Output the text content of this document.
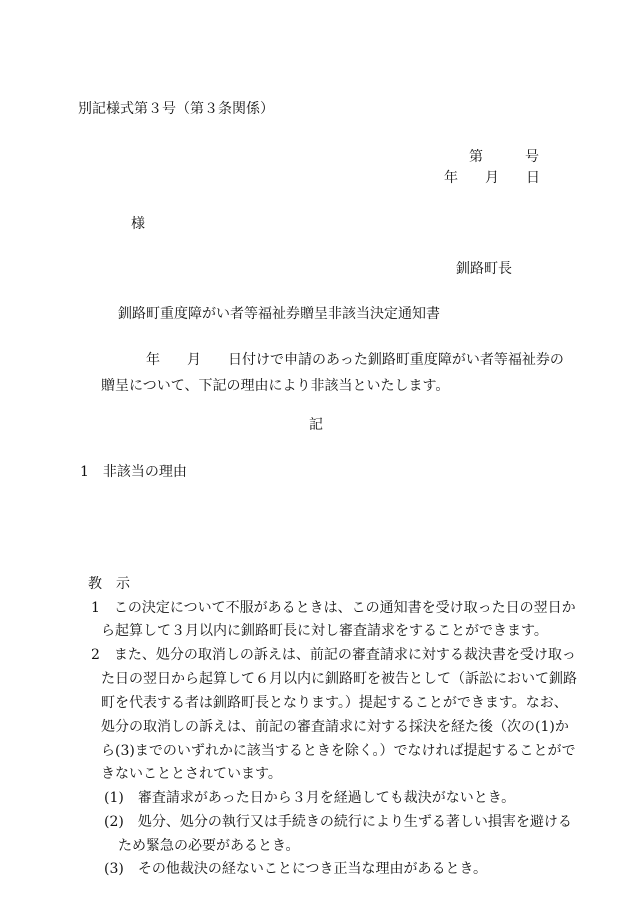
別記様式第３号（第３条関係）
第	号
年 月 日
様
釧路町長
釧路町重度障がい者等福祉券贈呈非該当決定通知書
年 月 日付けで申請のあった釧路町重度障がい者等福祉券の
贈呈について、下記の理由により非該当といたします。
記
1 非該当の理由
教　示
1　この決定について不服があるときは、この通知書を受け取った日の翌日か
ら起算して３月以内に釧路町長に対し審査請求をすることができます。
2　また、処分の取消しの訴えは、前記の審査請求に対する裁決書を受け取っ
た日の翌日から起算して６月以内に釧路町を被告として（訴訟において釧路
町を代表する者は釧路町長となります。）提起することができます。なお、
処分の取消しの訴えは、前記の審査請求に対する採決を経た後（次の(1)か
ら(3)までのいずれかに該当するときを除く。）でなければ提起することがで
きないこととされています。
(1)　審査請求があった日から３月を経過しても裁決がないとき。
(2)　処分、処分の執行又は手続きの続行により生ずる著しい損害を避ける
ため緊急の必要があるとき。
(3)　その他裁決の経ないことにつき正当な理由があるとき。
